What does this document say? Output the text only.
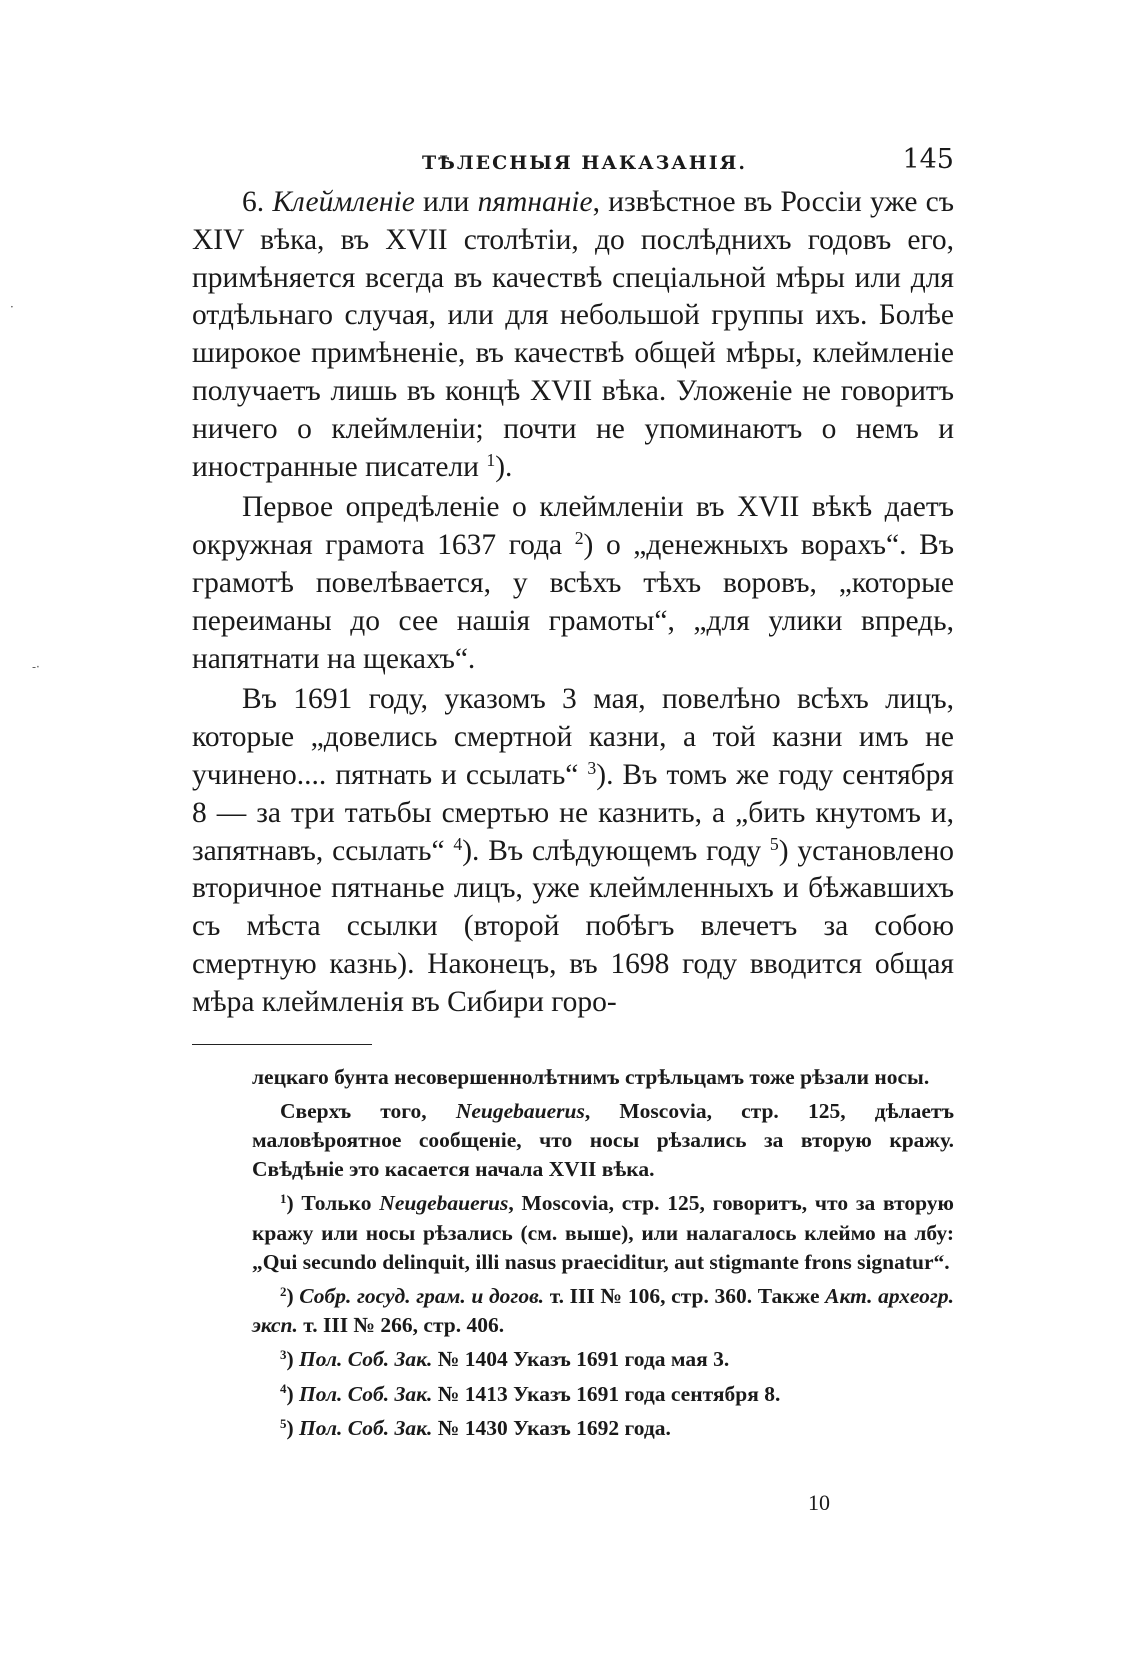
·
-‧
ТѢЛЕСНЫЯ НАКАЗАНІЯ.	145

6. Клеймленіе или пятнаніе, извѣстное въ Россіи уже съ XIV вѣка, въ XVII столѣтіи, до послѣднихъ годовъ его, примѣняется всегда въ качествѣ спеціальной мѣры или для отдѣльнаго случая, или для небольшой группы ихъ. Болѣе широкое примѣненіе, въ качествѣ общей мѣры, клеймленіе получаетъ лишь въ концѣ XVII вѣка. Уложеніе не говоритъ ничего о клеймленіи; почти не упоминаютъ о немъ и иностранные писатели $^1$).

Первое опредѣленіе о клеймленіи въ XVII вѣкѣ даетъ окружная грамота 1637 года $^2$) о „денежныхъ ворахъ“. Въ грамотѣ повелѣвается, у всѣхъ тѣхъ воровъ, „которые переиманы до сее нашія грамоты“, „для улики впредь, напятнати на щекахъ“.

Въ 1691 году, указомъ 3 мая, повелѣно всѣхъ лицъ, которые „довелись смертной казни, а той казни имъ не учинено.... пятнать и ссылать“ $^3$). Въ томъ же году сентября 8 — за три татьбы смертью не казнить, а „бить кнутомъ и, запятнавъ, ссылать“ $^4$). Въ слѣдующемъ году $^5$) установлено вторичное пятнанье лицъ, уже клеймленныхъ и бѣжавшихъ съ мѣста ссылки (второй побѣгъ влечетъ за собою смертную казнь). Наконецъ, въ 1698 году вводится общая мѣра клеймленія въ Сибири горо-

лецкаго бунта несовершеннолѣтнимъ стрѣльцамъ тоже рѣзали носы.

Сверхъ того, Neugebauerus, Moscovia, стр. 125, дѣлаетъ маловѣроятное сообщеніе, что носы рѣзались за вторую кражу. Свѣдѣніе это касается начала XVII вѣка.

$^1$) Только Neugebauerus, Moscovia, стр. 125, говоритъ, что за вторую кражу или носы рѣзались (см. выше), или налагалось клеймо на лбу: „Qui secundo delinquit, illi nasus praeciditur, aut stigmante frons signatur“.

$^2$) Собр. госуд. грам. и догов. т. III № 106, стр. 360. Также Акт. археогр. эксп. т. III № 266, стр. 406.

$^3$) Пол. Соб. Зак. № 1404 Указъ 1691 года мая 3.

$^4$) Пол. Соб. Зак. № 1413 Указъ 1691 года сентября 8.

$^5$) Пол. Соб. Зак. № 1430 Указъ 1692 года.

10
